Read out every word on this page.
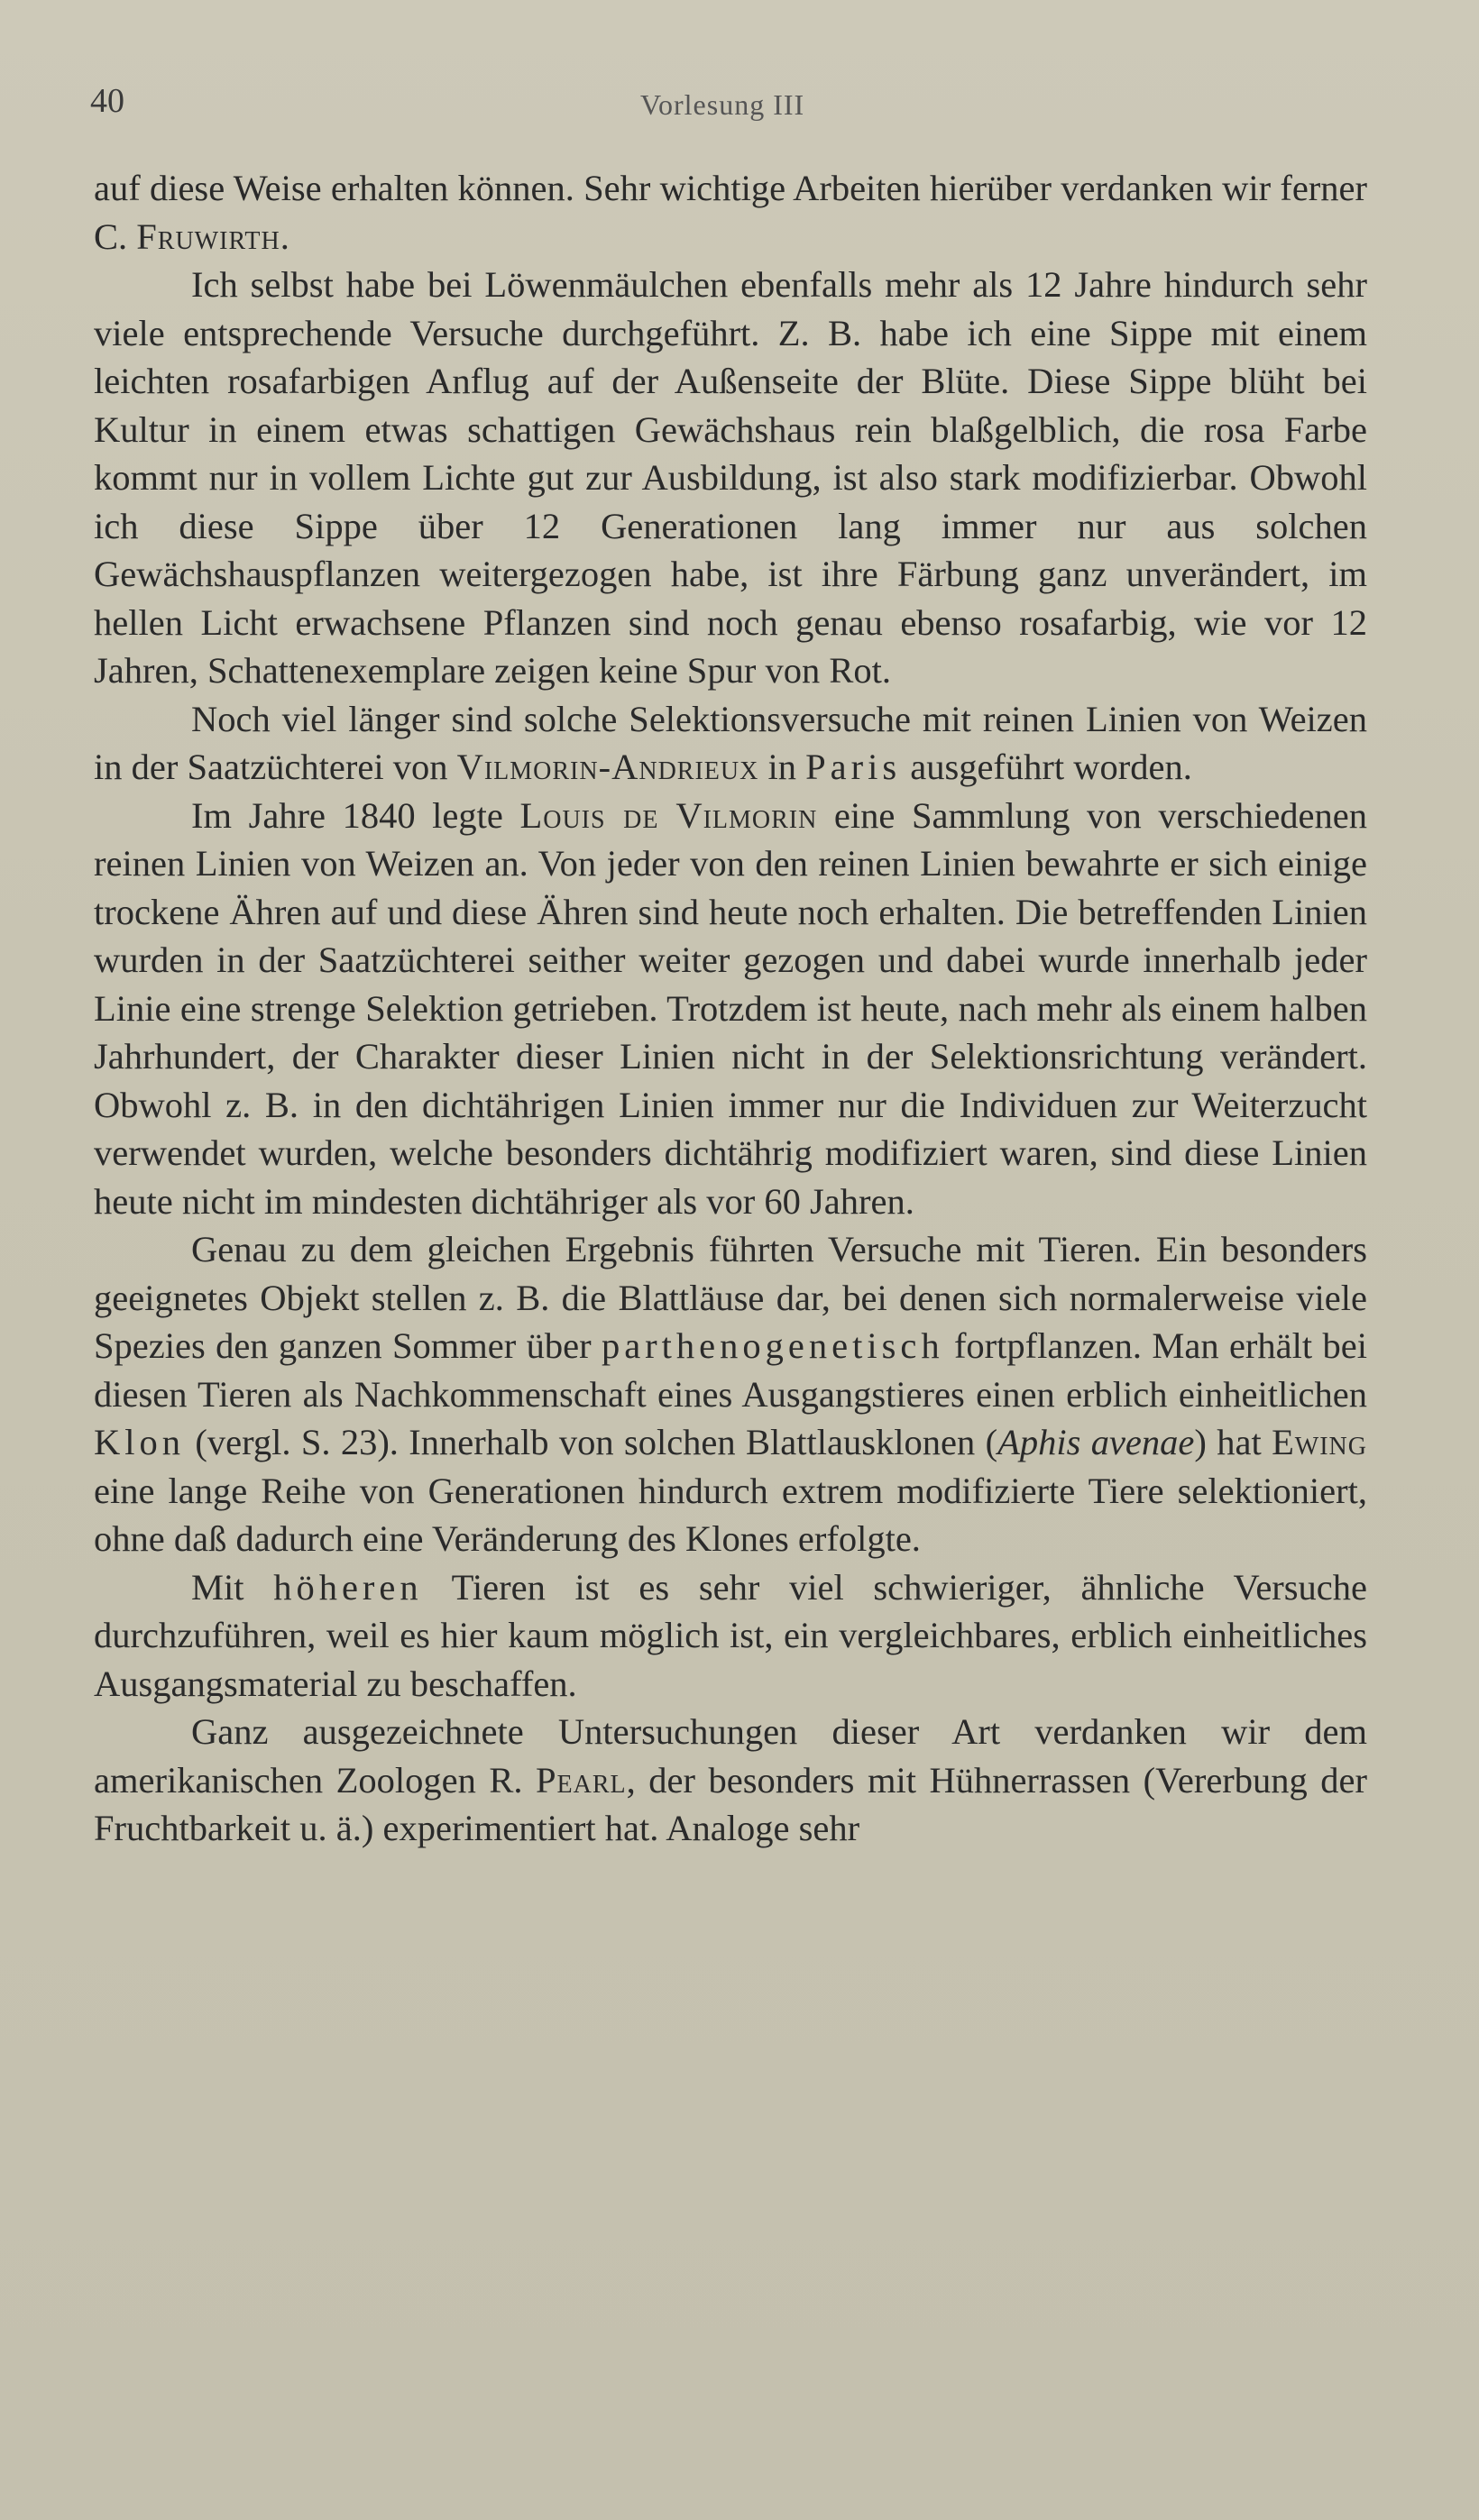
40	Vorlesung III

auf diese Weise erhalten können. Sehr wichtige Arbeiten hierüber verdanken wir ferner C. Fruwirth.

Ich selbst habe bei Löwenmäulchen ebenfalls mehr als 12 Jahre hindurch sehr viele entsprechende Versuche durchgeführt. Z. B. habe ich eine Sippe mit einem leichten rosafarbigen Anflug auf der Außenseite der Blüte. Diese Sippe blüht bei Kultur in einem etwas schattigen Gewächshaus rein blaßgelblich, die rosa Farbe kommt nur in vollem Lichte gut zur Ausbildung, ist also stark modifizierbar. Obwohl ich diese Sippe über 12 Generationen lang immer nur aus solchen Gewächshauspflanzen weitergezogen habe, ist ihre Färbung ganz unverändert, im hellen Licht erwachsene Pflanzen sind noch genau ebenso rosafarbig, wie vor 12 Jahren, Schattenexemplare zeigen keine Spur von Rot.

Noch viel länger sind solche Selektionsversuche mit reinen Linien von Weizen in der Saatzüchterei von Vilmorin-Andrieux in Paris ausgeführt worden.

Im Jahre 1840 legte Louis de Vilmorin eine Sammlung von verschiedenen reinen Linien von Weizen an. Von jeder von den reinen Linien bewahrte er sich einige trockene Ähren auf und diese Ähren sind heute noch erhalten. Die betreffenden Linien wurden in der Saatzüchterei seither weiter gezogen und dabei wurde innerhalb jeder Linie eine strenge Selektion getrieben. Trotzdem ist heute, nach mehr als einem halben Jahrhundert, der Charakter dieser Linien nicht in der Selektionsrichtung verändert. Obwohl z. B. in den dichtährigen Linien immer nur die Individuen zur Weiterzucht verwendet wurden, welche besonders dichtährig modifiziert waren, sind diese Linien heute nicht im mindesten dichtähriger als vor 60 Jahren.

Genau zu dem gleichen Ergebnis führten Versuche mit Tieren. Ein besonders geeignetes Objekt stellen z. B. die Blattläuse dar, bei denen sich normalerweise viele Spezies den ganzen Sommer über parthenogenetisch fortpflanzen. Man erhält bei diesen Tieren als Nachkommenschaft eines Ausgangstieres einen erblich einheitlichen Klon (vergl. S. 23). Innerhalb von solchen Blattlausklonen (Aphis avenae) hat Ewing eine lange Reihe von Generationen hindurch extrem modifizierte Tiere selektioniert, ohne daß dadurch eine Veränderung des Klones erfolgte.

Mit höheren Tieren ist es sehr viel schwieriger, ähnliche Versuche durchzuführen, weil es hier kaum möglich ist, ein vergleichbares, erblich einheitliches Ausgangsmaterial zu beschaffen.

Ganz ausgezeichnete Untersuchungen dieser Art verdanken wir dem amerikanischen Zoologen R. Pearl, der besonders mit Hühnerrassen (Vererbung der Fruchtbarkeit u. ä.) experimentiert hat. Analoge sehr
